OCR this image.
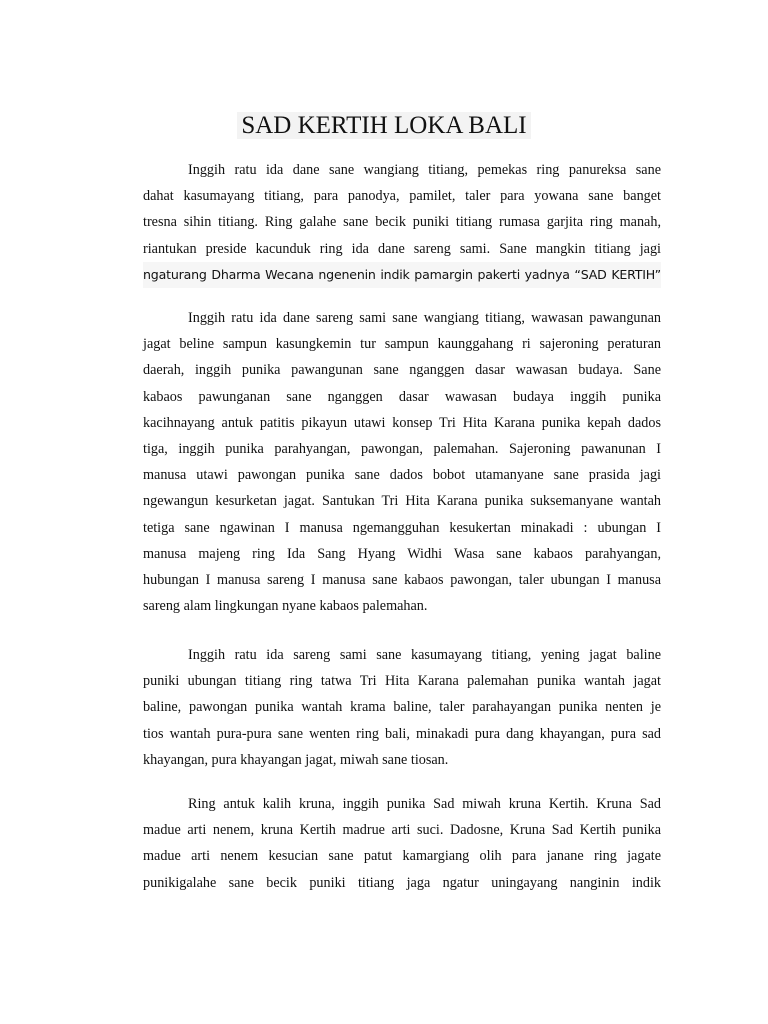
SAD KERTIH LOKA BALI
Inggih ratu ida dane sane wangiang titiang, pemekas ring panureksa sane
dahat kasumayang titiang, para panodya, pamilet, taler para yowana sane banget
tresna sihin titiang. Ring galahe sane becik puniki titiang rumasa garjita ring manah,
riantukan preside kacunduk ring ida dane sareng sami. Sane mangkin titiang jagi
ngaturang Dharma Wecana ngenenin indik pamargin pakerti yadnya “SAD KERTIH”
Inggih ratu ida dane sareng sami sane wangiang titiang, wawasan pawangunan
jagat beline sampun kasungkemin tur sampun kaunggahang ri sajeroning peraturan
daerah, inggih punika pawangunan sane nganggen dasar wawasan budaya. Sane
kabaos pawunganan sane nganggen dasar wawasan budaya inggih punika
kacihnayang antuk patitis pikayun utawi konsep Tri Hita Karana punika kepah dados
tiga, inggih punika parahyangan, pawongan, palemahan. Sajeroning pawanunan I
manusa utawi pawongan punika sane dados bobot utamanyane sane prasida jagi
ngewangun kesurketan jagat. Santukan Tri Hita Karana punika suksemanyane wantah
tetiga sane ngawinan I manusa ngemangguhan kesukertan minakadi : ubungan I
manusa majeng ring Ida Sang Hyang Widhi Wasa sane kabaos parahyangan,
hubungan I manusa sareng I manusa sane kabaos pawongan, taler ubungan I manusa
sareng alam lingkungan nyane kabaos palemahan.
Inggih ratu ida sareng sami sane kasumayang titiang, yening jagat baline
puniki ubungan titiang ring tatwa Tri Hita Karana palemahan punika wantah jagat
baline, pawongan punika wantah krama baline, taler parahayangan punika nenten je
tios wantah pura-pura sane wenten ring bali, minakadi pura dang khayangan, pura sad
khayangan, pura khayangan jagat, miwah sane tiosan.
Ring antuk kalih kruna, inggih punika Sad miwah kruna Kertih. Kruna Sad
madue arti nenem, kruna Kertih madrue arti suci. Dadosne, Kruna Sad Kertih punika
madue arti nenem kesucian sane patut kamargiang olih para janane ring jagate
punikigalahe sane becik puniki titiang jaga ngatur uningayang nanginin indik
